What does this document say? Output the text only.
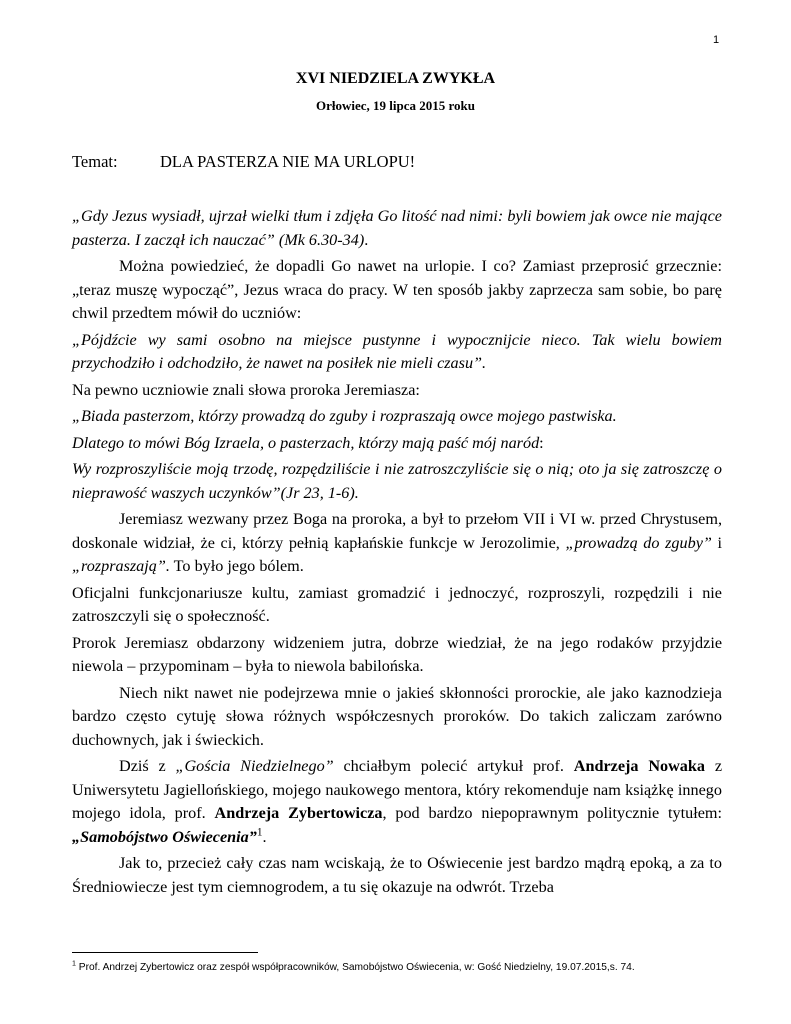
1
XVI NIEDZIELA ZWYKŁA
Orłowiec, 19 lipca 2015 roku
Temat:	DLA PASTERZA NIE MA URLOPU!

„Gdy Jezus wysiadł, ujrzał wielki tłum i zdjęła Go litość nad nimi: byli bowiem jak owce nie mające pasterza. I zaczął ich nauczać” (Mk 6.30-34).

Można powiedzieć, że dopadli Go nawet na urlopie. I co? Zamiast przeprosić grzecznie: „teraz muszę wypocząć”, Jezus wraca do pracy. W ten sposób jakby zaprzecza sam sobie, bo parę chwil przedtem mówił do uczniów:

„Pójdźcie wy sami osobno na miejsce pustynne i wypocznijcie nieco. Tak wielu bowiem przychodziło i odchodziło, że nawet na posiłek nie mieli czasu”.

Na pewno uczniowie znali słowa proroka Jeremiasza:

„Biada pasterzom, którzy prowadzą do zguby i rozpraszają owce mojego pastwiska.

Dlatego to mówi Bóg Izraela, o pasterzach, którzy mają paść mój naród:

Wy rozproszyliście moją trzodę, rozpędziliście i nie zatroszczyliście się o nią; oto ja się zatroszczę o nieprawość waszych uczynków”(Jr 23, 1-6).

Jeremiasz wezwany przez Boga na proroka, a był to przełom VII i VI w. przed Chrystusem, doskonale widział, że ci, którzy pełnią kapłańskie funkcje w Jerozolimie, „prowadzą do zguby” i „rozpraszają”. To było jego bólem.

Oficjalni funkcjonariusze kultu, zamiast gromadzić i jednoczyć, rozproszyli, rozpędzili i nie zatroszczyli się o społeczność.

Prorok Jeremiasz obdarzony widzeniem jutra, dobrze wiedział, że na jego rodaków przyjdzie niewola – przypominam – była to niewola babilońska.

Niech nikt nawet nie podejrzewa mnie o jakieś skłonności prorockie, ale jako kaznodzieja bardzo często cytuję słowa różnych współczesnych proroków. Do takich zaliczam zarówno duchownych, jak i świeckich.

Dziś z „Gościa Niedzielnego” chciałbym polecić artykuł prof. Andrzeja Nowaka z Uniwersytetu Jagiellońskiego, mojego naukowego mentora, który rekomenduje nam książkę innego mojego idola, prof. Andrzeja Zybertowicza, pod bardzo niepoprawnym politycznie tytułem: „Samobójstwo Oświecenia”$^1$.

Jak to, przecież cały czas nam wciskają, że to Oświecenie jest bardzo mądrą epoką, a za to Średniowiecze jest tym ciemnogrodem, a tu się okazuje na odwrót. Trzeba

$^1$ Prof. Andrzej Zybertowicz oraz zespół współpracowników, Samobójstwo Oświecenia, w: Gość Niedzielny, 19.07.2015,s. 74.
